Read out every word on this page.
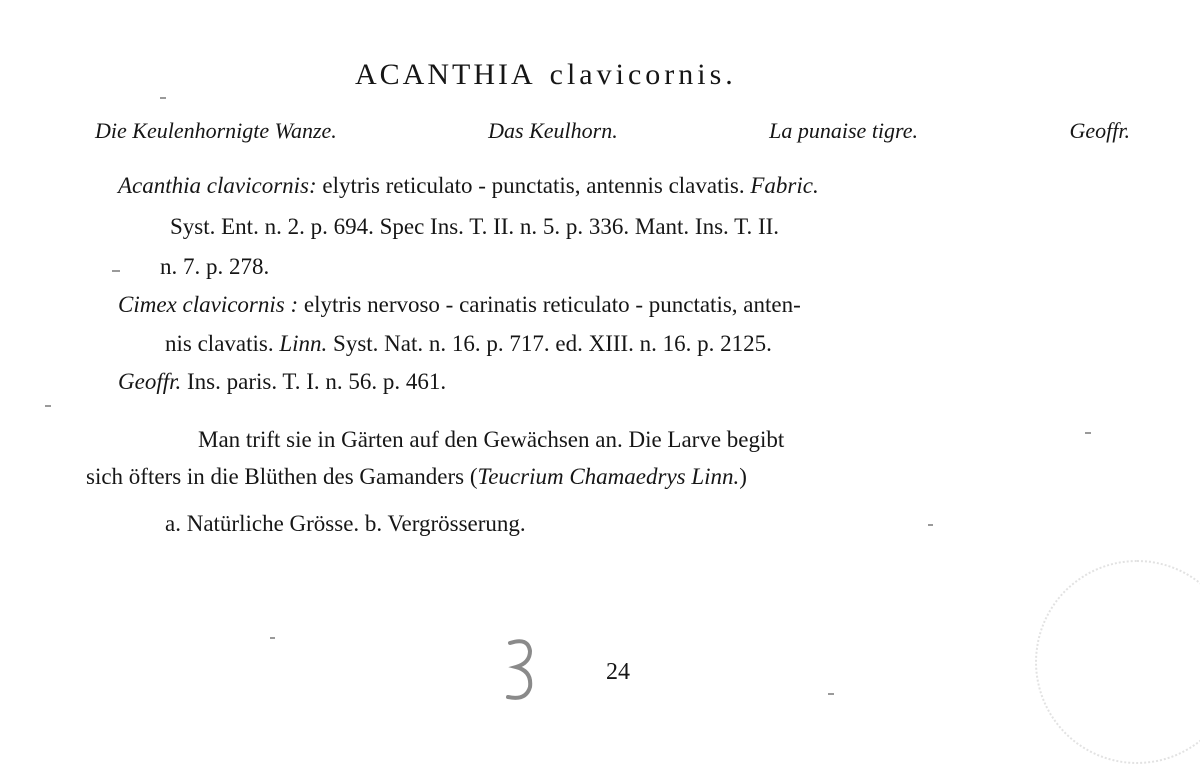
ACANTHIA clavicornis.
Die Keulenhornigte Wanze.	Das Keulhorn.	La punaise tigre.	Geoffr.
Acanthia clavicornis: elytris reticulato - punctatis, antennis clavatis. Fabric.
Syst. Ent. n. 2. p. 694. Spec Ins. T. II. n. 5. p. 336. Mant. Ins. T. II.
n. 7. p. 278.
Cimex clavicornis : elytris nervoso - carinatis reticulato - punctatis, anten-
nis clavatis. Linn. Syst. Nat. n. 16. p. 717. ed. XIII. n. 16. p. 2125.
Geoffr. Ins. paris. T. I. n. 56. p. 461.
Man trift sie in Gärten auf den Gewächsen an. Die Larve begibt
sich öfters in die Blüthen des Gamanders (Teucrium Chamaedrys Linn.)
a. Natürliche Grösse. b. Vergrösserung.
24
